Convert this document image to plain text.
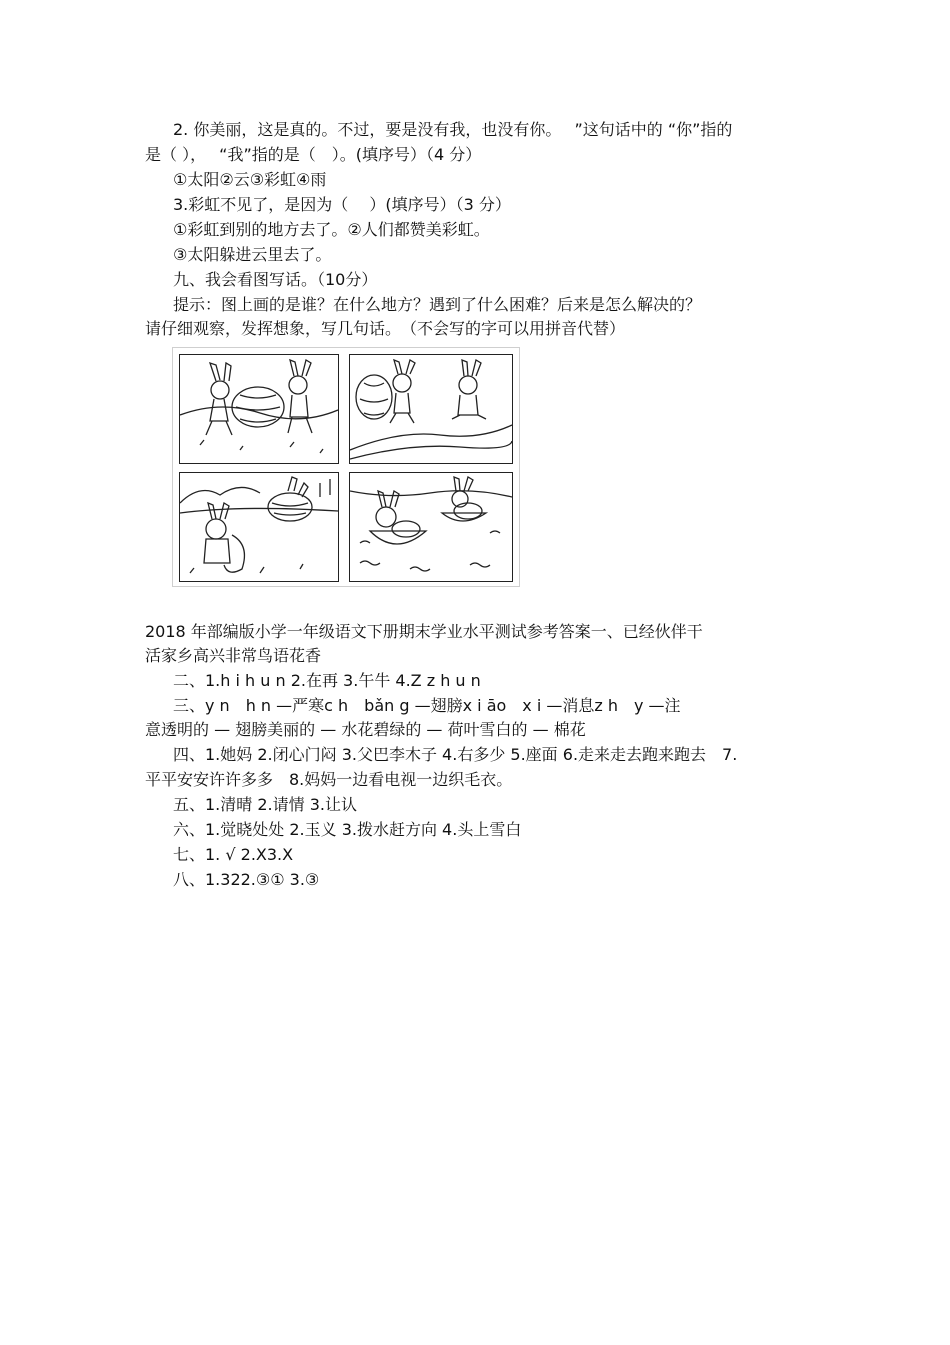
2. 你美丽，这是真的。不过，要是没有我，也没有你。　 ”这句话中的 “你”指的
是（ ），　 “我”指的是（　）。(填序号）（4 分）
①太阳②云③彩虹④雨
3.彩虹不见了，是因为（　 ）(填序号）（3 分）
①彩虹到别的地方去了。②人们都赞美彩虹。
③太阳躲进云里去了。
九、我会看图写话。（10分）
提示：图上画的是谁？在什么地方？遇到了什么困难？后来是怎么解决的？
请仔细观察，发挥想象，写几句话。　（不会写的字可以用拼音代替）
2018 年部编版小学一年级语文下册期末学业水平测试参考答案一、已经伙伴干
活家乡高兴非常鸟语花香
二、1.h i h u n 2.在再 3.午牛 4.Z z h u n
三、y n　h n —严寒c h　bǎn g —翅膀x i āo　x i —消息z h　y —注
意透明的 — 翅膀美丽的 — 水花碧绿的 — 荷叶雪白的 — 棉花
四、1.她妈 2.闭心门闷 3.父巴李木子 4.右多少 5.座面 6.走来走去跑来跑去　7.
平平安安许许多多　8.妈妈一边看电视一边织毛衣。
五、1.清晴 2.请情 3.让认
六、1.觉晓处处 2.玉义 3.拨水赶方向 4.头上雪白
七、1. √ 2.X3.X
八、1.322.③① 3.③
